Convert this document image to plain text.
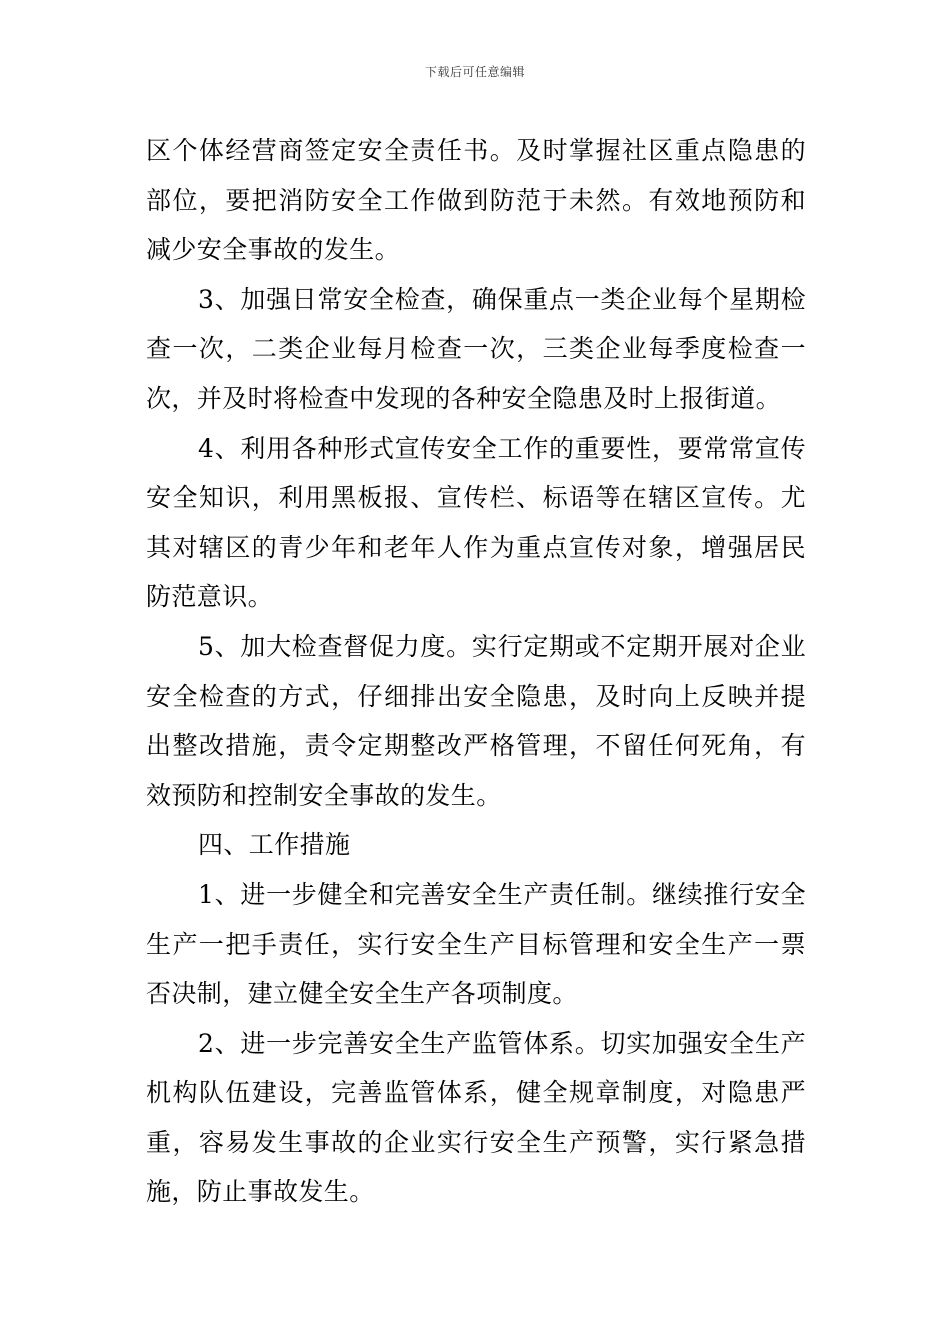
下载后可任意编辑

区个体经营商签定安全责任书。及时掌握社区重点隐患的部位，要把消防安全工作做到防范于未然。有效地预防和减少安全事故的发生。

3、加强日常安全检查，确保重点一类企业每个星期检查一次，二类企业每月检查一次，三类企业每季度检查一次，并及时将检查中发现的各种安全隐患及时上报街道。

4、利用各种形式宣传安全工作的重要性，要常常宣传安全知识，利用黑板报、宣传栏、标语等在辖区宣传。尤其对辖区的青少年和老年人作为重点宣传对象，增强居民防范意识。

5、加大检查督促力度。实行定期或不定期开展对企业安全检查的方式，仔细排出安全隐患，及时向上反映并提出整改措施，责令定期整改严格管理，不留任何死角，有效预防和控制安全事故的发生。

四、工作措施

1、进一步健全和完善安全生产责任制。继续推行安全生产一把手责任，实行安全生产目标管理和安全生产一票否决制，建立健全安全生产各项制度。

2、进一步完善安全生产监管体系。切实加强安全生产机构队伍建设，完善监管体系，健全规章制度，对隐患严重，容易发生事故的企业实行安全生产预警，实行紧急措施，防止事故发生。
